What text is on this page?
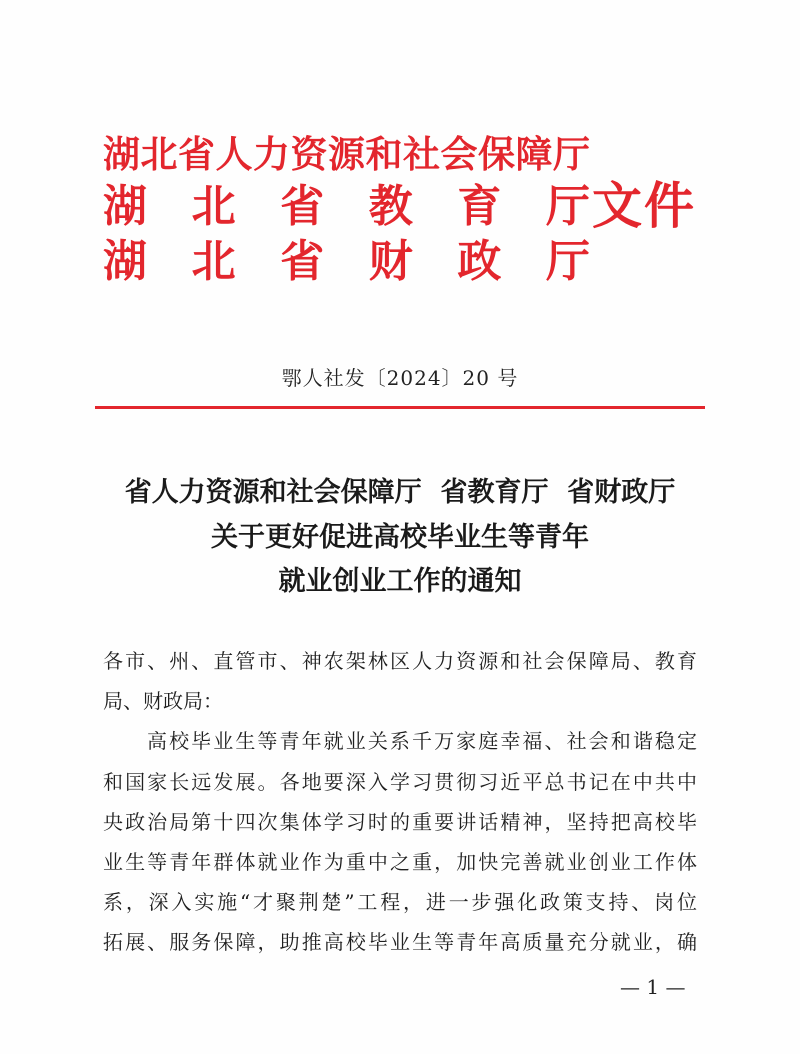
湖北省人力资源和社会保障厅
湖北省教育厅
湖北省财政厅
文件
鄂人社发〔2024〕20 号
省人力资源和社会保障厅  省教育厅  省财政厅
关于更好促进高校毕业生等青年
就业创业工作的通知
各市、州、直管市、神农架林区人力资源和社会保障局、教育
局、财政局：
高校毕业生等青年就业关系千万家庭幸福、社会和谐稳定
和国家长远发展。各地要深入学习贯彻习近平总书记在中共中
央政治局第十四次集体学习时的重要讲话精神，坚持把高校毕
业生等青年群体就业作为重中之重，加快完善就业创业工作体
系，深入实施“才聚荆楚”工程，进一步强化政策支持、岗位
拓展、服务保障，助推高校毕业生等青年高质量充分就业，确
— 1 —
